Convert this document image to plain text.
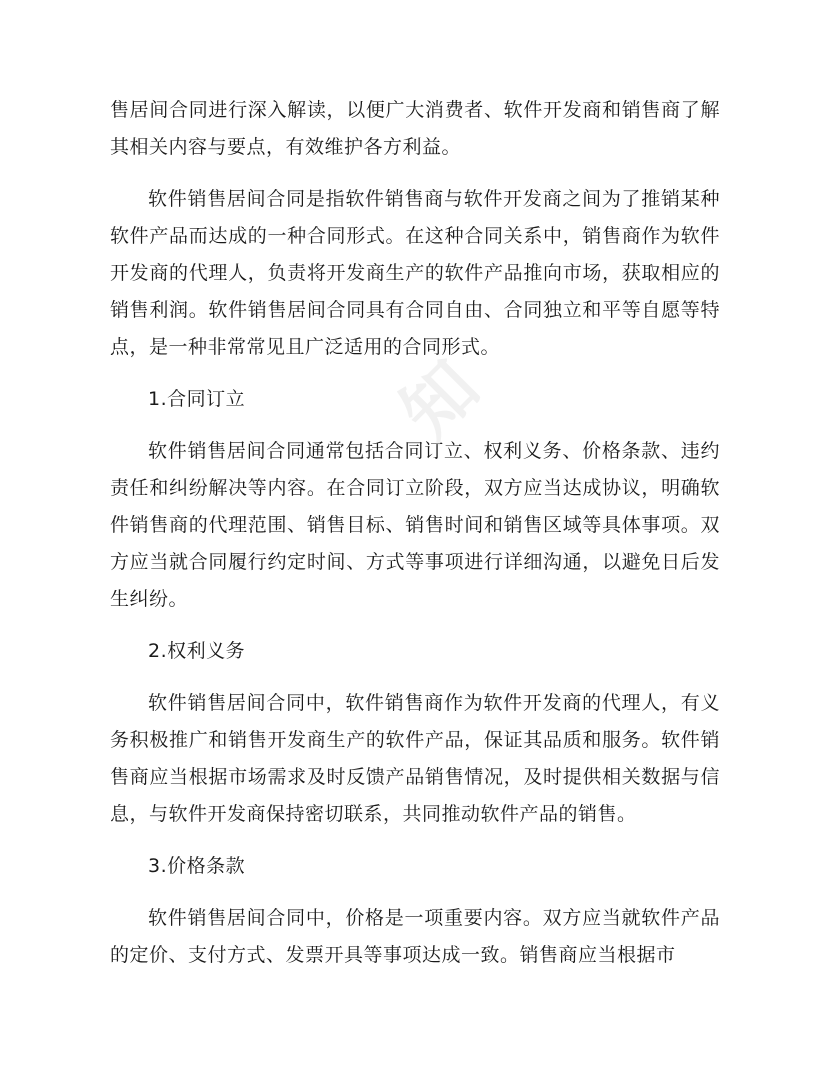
知

售居间合同进行深入解读，以便广大消费者、软件开发商和销售商了解其相关内容与要点，有效维护各方利益。

软件销售居间合同是指软件销售商与软件开发商之间为了推销某种软件产品而达成的一种合同形式。在这种合同关系中，销售商作为软件开发商的代理人，负责将开发商生产的软件产品推向市场，获取相应的销售利润。软件销售居间合同具有合同自由、合同独立和平等自愿等特点，是一种非常常见且广泛适用的合同形式。

1.合同订立

软件销售居间合同通常包括合同订立、权利义务、价格条款、违约责任和纠纷解决等内容。在合同订立阶段，双方应当达成协议，明确软件销售商的代理范围、销售目标、销售时间和销售区域等具体事项。双方应当就合同履行约定时间、方式等事项进行详细沟通，以避免日后发生纠纷。

2.权利义务

软件销售居间合同中，软件销售商作为软件开发商的代理人，有义务积极推广和销售开发商生产的软件产品，保证其品质和服务。软件销售商应当根据市场需求及时反馈产品销售情况，及时提供相关数据与信息，与软件开发商保持密切联系，共同推动软件产品的销售。

3.价格条款

软件销售居间合同中，价格是一项重要内容。双方应当就软件产品的定价、支付方式、发票开具等事项达成一致。销售商应当根据市
